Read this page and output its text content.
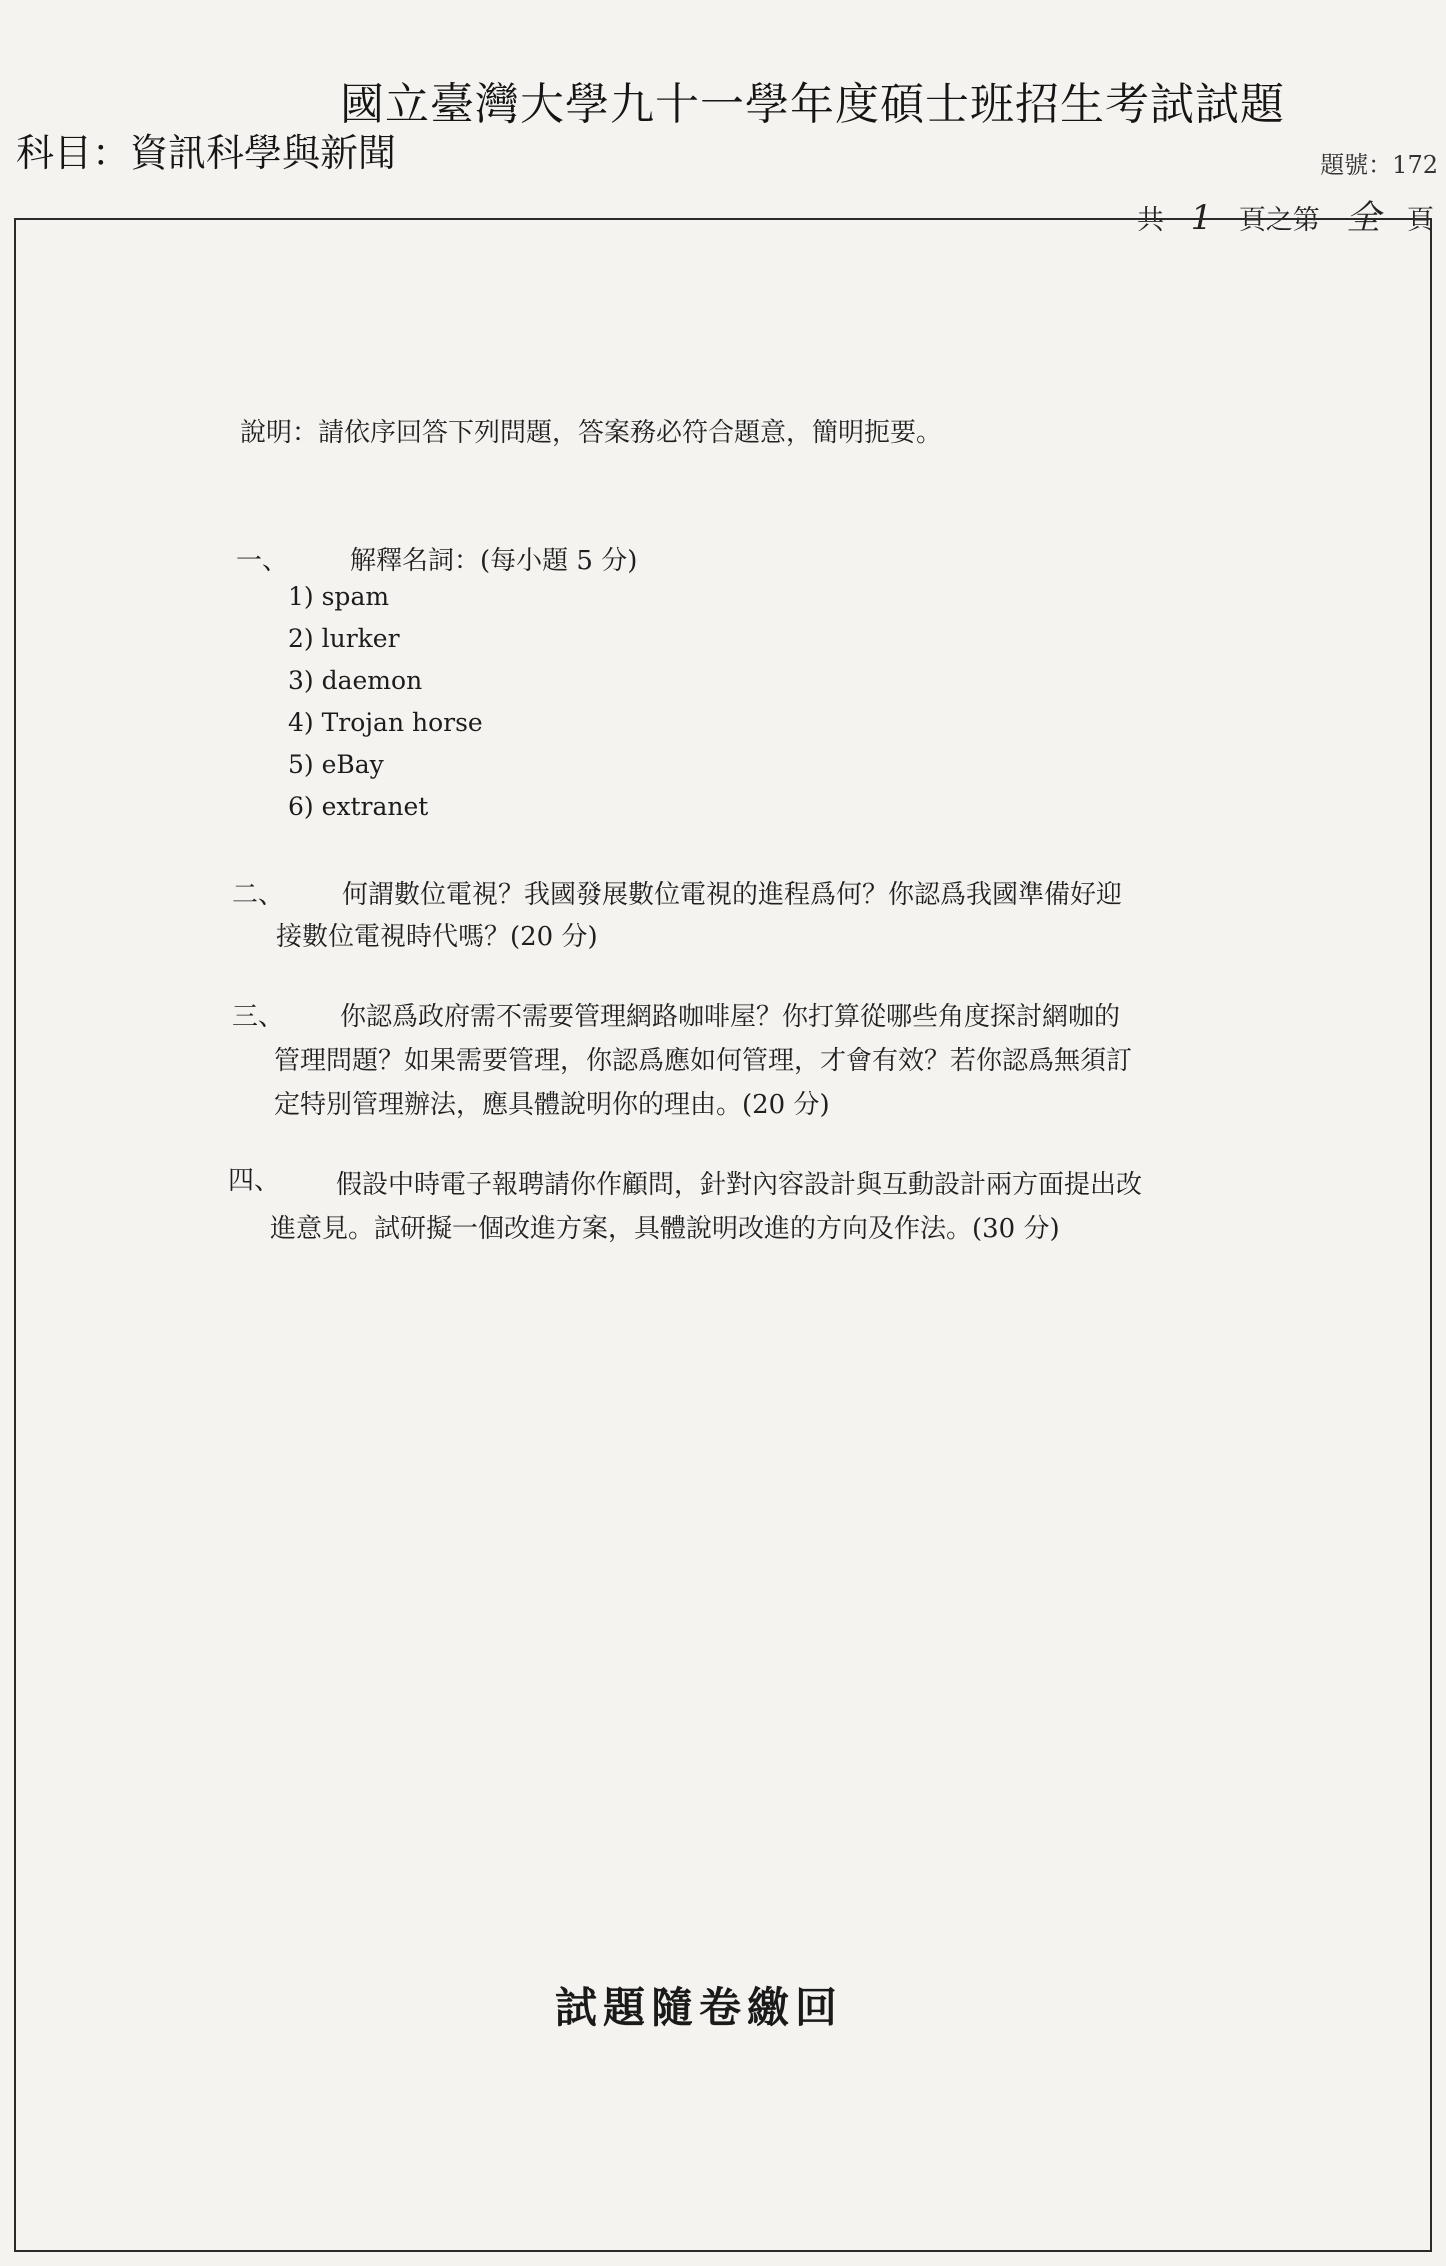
國立臺灣大學九十一學年度碩士班招生考試試題
科目：資訊科學與新聞	題號：172
共 1 頁之第 全 頁
說明：請依序回答下列問題，答案務必符合題意，簡明扼要。
一、 解釋名詞：(每小題 5 分)
1) spam
2) lurker
3) daemon
4) Trojan horse
5) eBay
6) extranet
二、 何謂數位電視？我國發展數位電視的進程爲何？你認爲我國準備好迎
接數位電視時代嗎？(20 分)
三、 你認爲政府需不需要管理網路咖啡屋？你打算從哪些角度探討網咖的
管理問題？如果需要管理，你認爲應如何管理，才會有效？若你認爲無須訂
定特別管理辦法，應具體說明你的理由。(20 分)
四、 假設中時電子報聘請你作顧問，針對內容設計與互動設計兩方面提出改
進意見。試研擬一個改進方案，具體說明改進的方向及作法。(30 分)
試題隨卷繳回
